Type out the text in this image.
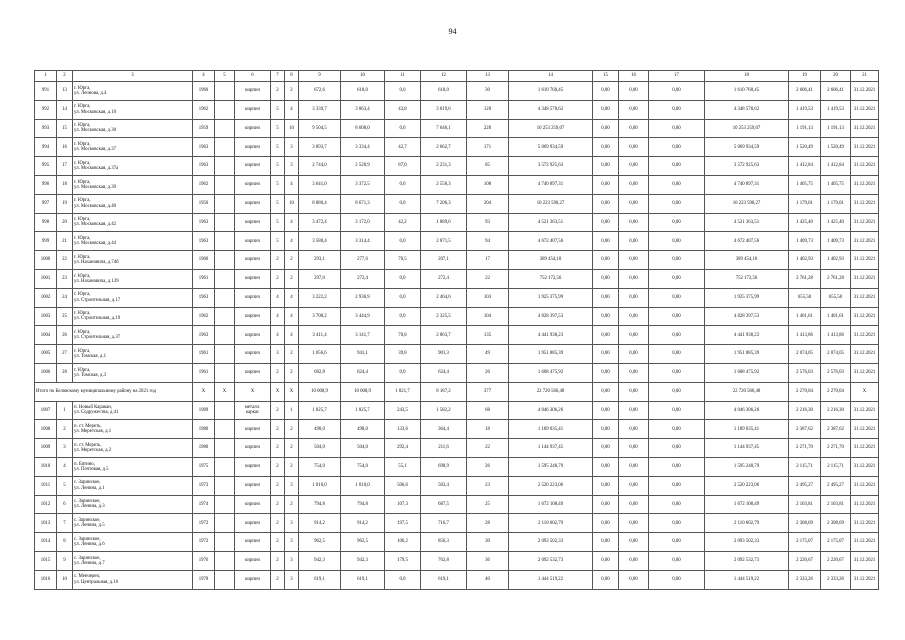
94
1	2	3	4	5	6	7	8	9	10	11	12	13	14	15	16	17	18	19	20	21
991	13	г. Юрга,
ул. Леонова, д.4	1960		кирпич	2	2	672,6	618,0	0,0	618,0	30	1 610 760,45	0,00	0,00	0,00	1 610 760,45	2 606,41	2 606,41	31.12.2021
992	14	г. Юрга,
ул. Московская, д.10	1962		кирпич	5	4	3 339,7	3 063,4	43,8	3 019,6	120	4 348 578,62	0,00	0,00	0,00	4 348 578,62	1 419,53	1 419,53	31.12.2021
993	15	г. Юрга,
ул. Московская, д.30	1959		кирпич	5	10	9 504,5	8 608,0	0,0	7 646,1	228	10 253 259,07	0,00	0,00	0,00	10 253 259,07	1 191,13	1 191,13	31.12.2021
994	16	г. Юрга,
ул. Московская, д.37	1963		кирпич	5	3	3 893,7	3 334,4	42,7	2 662,7	171	5 069 934,59	0,00	0,00	0,00	5 069 934,59	1 520,49	1 520,49	31.12.2021
995	17	г. Юрга,
ул. Московская, д.37а	1963		кирпич	5	3	2 744,0	2 528,9	87,0	2 231,3	85	3 572 925,63	0,00	0,00	0,00	3 572 925,63	1 412,84	1 412,84	31.12.2021
996	18	г. Юрга,
ул. Московская, д.39	1962		кирпич	5	4	3 641,0	3 372,5	0,0	2 558,3	108	4 740 897,31	0,00	0,00	0,00	4 740 897,31	1 405,75	1 405,75	31.12.2021
997	19	г. Юрга,
ул. Московская, д.40	1950		кирпич	5	10	8 886,4	8 671,3	0,0	7 206,3	204	10 223 590,27	0,00	0,00	0,00	10 223 590,27	1 179,01	1 179,01	31.12.2021
998	20	г. Юрга,
ул. Московская, д.42	1963		кирпич	5	4	3 472,4	3 172,0	42,2	1 889,6	93	4 521 363,51	0,00	0,00	0,00	4 521 363,51	1 425,40	1 425,40	31.12.2021
999	21	г. Юрга,
ул. Московская, д.44	1963		кирпич	5	4	3 588,4	3 314,4	0,0	2 871,5	94	4 672 407,56	0,00	0,00	0,00	4 672 407,56	1 409,73	1 409,73	31.12.2021
1000	22	г. Юрга,
ул. Нахановича, д.74б	1960		кирпич	2	2	293,1	277,6	70,5	207,1	17	389 454,10	0,00	0,00	0,00	389 454,10	1 402,93	1 402,93	31.12.2021
1001	23	г. Юрга,
ул. Нахановича, д.139	1961		кирпич	2	2	297,0	272,4	0,0	272,4	22	752 172,56	0,00	0,00	0,00	752 172,56	2 761,28	2 761,28	31.12.2021
1002	24	г. Юрга,
ул. Строительная, д.17	1963		кирпич	4	4	3 222,2	2 936,9	0,0	2 464,6	103	1 925 375,99	0,00	0,00	0,00	1 925 375,99	655,58	655,58	31.12.2021
1003	25	г. Юрга,
ул. Строительная, д.19	1962		кирпич	4	4	3 708,2	3 444,9	0,0	2 325,5	104	4 828 397,53	0,00	0,00	0,00	4 828 397,53	1 401,61	1 401,61	31.12.2021
1004	26	г. Юрга,
ул. Строительная, д.37	1963		кирпич	4	4	3 411,4	3 141,7	70,8	2 863,7	135	4 441 938,23	0,00	0,00	0,00	4 441 938,23	1 413,86	1 413,86	31.12.2021
1005	27	г. Юрга,
ул. Томская, д.1	1961		кирпич	3	2	1 056,6	941,1	39,8	901,3	49	1 951 885,39	0,00	0,00	0,00	1 951 885,39	2 074,05	2 074,05	31.12.2021
1006	28	г. Юрга,
ул. Томская, д.3	1961		кирпич	2	2	682,8	624,4	0,0	624,4	26	1 608 475,92	0,00	0,00	0,00	1 608 475,92	2 576,03	2 576,03	31.12.2021
Итого по Беловскому муниципальному району на 2021 год			X	X	X	X	X	10 008,9	10 008,9	1 821,7	8 187,2	377	22 720 566,48	0,00	0,00	0,00	22 720 566,48	2 270,04	2 270,04	X
1007	1	п. Новый Каракан,
ул. Содружества, д.41	1989		металл.
каркас	2	1	1 825,7	1 825,7	243,5	1 582,2	68	4 046 306,26	0,00	0,00	0,00	4 046 306,26	2 216,30	2 216,30	31.12.2021
1008	2	п. ст. Мереть,
ул. Меретская, д.1	1980		кирпич	2	2	498,0	498,0	133,6	364,4	18	1 189 035,41	0,00	0,00	0,00	1 189 035,41	2 387,62	2 387,62	31.12.2021
1009	3	п. ст. Мереть,
ул. Меретская, д.2	1980		кирпич	2	2	504,0	504,0	292,4	211,6	22	1 144 937,45	0,00	0,00	0,00	1 144 937,45	2 271,70	2 271,70	31.12.2021
1010	4	п. Евтино,
ул. Почтовая, д.5	1975		кирпич	2	2	754,0	754,0	55,1	698,9	26	1 595 248,79	0,00	0,00	0,00	1 595 248,79	2 115,71	2 115,71	31.12.2021
1011	5	с. Заринское,
ул. Ленина, д.1	1973		кирпич	2	3	1 010,0	1 010,0	506,6	503,4	23	2 520 223,06	0,00	0,00	0,00	2 520 223,06	2 495,27	2 495,27	31.12.2021
1012	6	с. Заринское,
ул. Ленина, д.3	1974		кирпич	2	2	794,8	794,8	107,3	687,5	25	1 672 108,49	0,00	0,00	0,00	1 672 108,49	2 103,81	2 103,81	31.12.2021
1013	7	с. Заринское,
ул. Ленина, д.5	1972		кирпич	2	3	914,2	914,2	197,5	716,7	28	2 110 602,79	0,00	0,00	0,00	2 110 602,79	2 308,69	2 308,69	31.12.2021
1014	8	с. Заринское,
ул. Ленина, д.6	1972		кирпич	2	3	962,5	962,5	106,2	856,3	30	2 093 502,33	0,00	0,00	0,00	2 093 502,33	2 175,07	2 175,07	31.12.2021
1015	9	с. Заринское,
ул. Ленина, д.7	1976		кирпич	2	3	942,3	942,3	179,5	762,8	36	2 092 532,73	0,00	0,00	0,00	2 092 532,73	2 220,67	2 220,67	31.12.2021
1016	10	с. Менчереп,
ул. Центральная, д.16	1978		кирпич	2	3	619,1	619,1	0,0	619,1	40	1 444 519,22	0,00	0,00	0,00	1 444 519,22	2 333,26	2 333,26	31.12.2021
